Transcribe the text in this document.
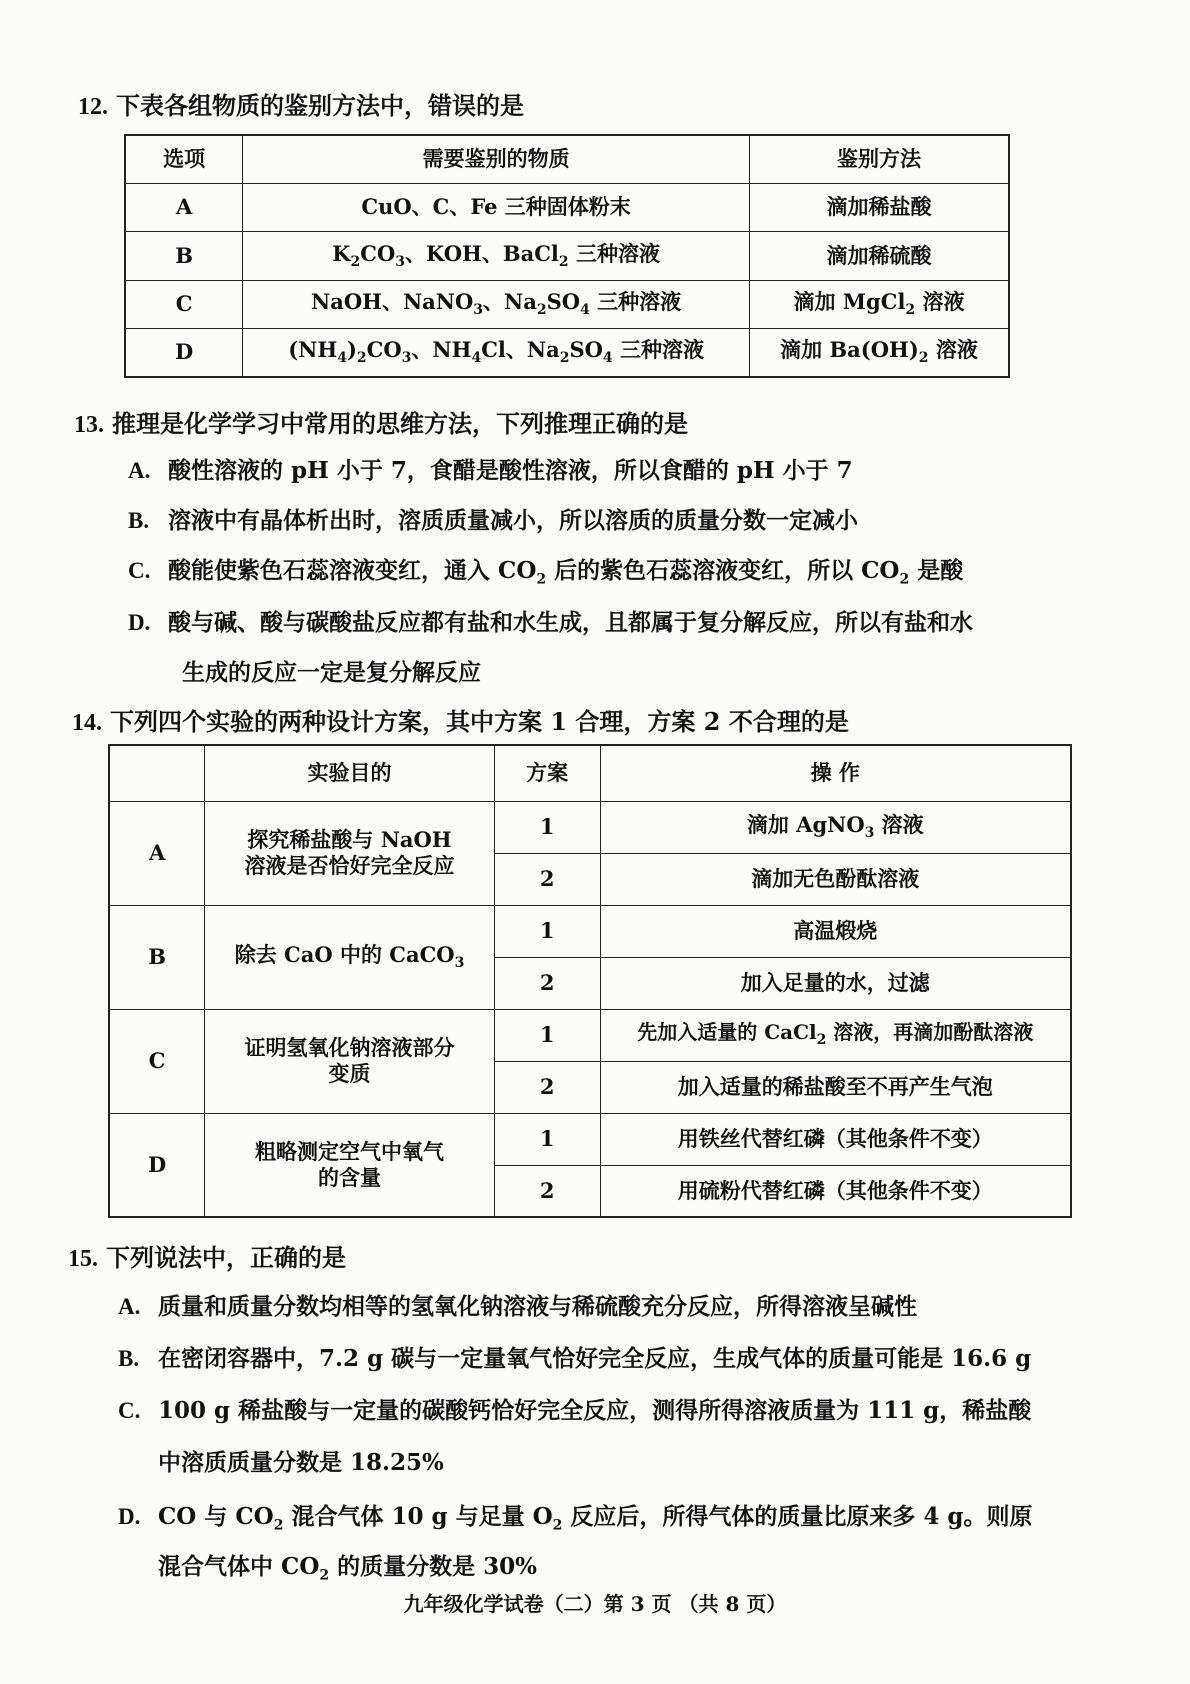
12. 下表各组物质的鉴别方法中，错误的是
选项	需要鉴别的物质	鉴别方法
A	CuO、C、Fe 三种固体粉末	滴加稀盐酸
B	$K_2CO_3$、KOH、BaCl$_2$ 三种溶液	滴加稀硫酸
C	NaOH、NaNO$_3$、$Na_2SO_4$ 三种溶液	滴加 MgCl$_2$ 溶液
D	$(NH_4)_2CO_3$、$NH_4Cl$、$Na_2SO_4$ 三种溶液	滴加 $Ba(OH)_2$ 溶液
13. 推理是化学学习中常用的思维方法，下列推理正确的是
A. 酸性溶液的 pH 小于 7，食醋是酸性溶液，所以食醋的 pH 小于 7
B. 溶液中有晶体析出时，溶质质量减小，所以溶质的质量分数一定减小
C. 酸能使紫色石蕊溶液变红，通入 $CO_2$ 后的紫色石蕊溶液变红，所以 $CO_2$ 是酸
D. 酸与碱、酸与碳酸盐反应都有盐和水生成，且都属于复分解反应，所以有盐和水
生成的反应一定是复分解反应
14. 下列四个实验的两种设计方案，其中方案 1 合理，方案 2 不合理的是
	实验目的	方案	操 作
A	探究稀盐酸与 NaOH
溶液是否恰好完全反应	1	滴加 AgNO$_3$ 溶液
		2	滴加无色酚酞溶液
B	除去 CaO 中的 CaCO$_3$	1	高温煅烧
		2	加入足量的水，过滤
C	证明氢氧化钠溶液部分
变质	1	先加入适量的 CaCl$_2$ 溶液，再滴加酚酞溶液
		2	加入适量的稀盐酸至不再产生气泡
D	粗略测定空气中氧气
的含量	1	用铁丝代替红磷（其他条件不变）
		2	用硫粉代替红磷（其他条件不变）
15. 下列说法中，正确的是
A. 质量和质量分数均相等的氢氧化钠溶液与稀硫酸充分反应，所得溶液呈碱性
B. 在密闭容器中，7.2 g 碳与一定量氧气恰好完全反应，生成气体的质量可能是 16.6 g
C. 100 g 稀盐酸与一定量的碳酸钙恰好完全反应，测得所得溶液质量为 111 g，稀盐酸
中溶质质量分数是 18.25%
D. CO 与 $CO_2$ 混合气体 10 g 与足量 $O_2$ 反应后，所得气体的质量比原来多 4 g。则原
混合气体中 $CO_2$ 的质量分数是 30%
九年级化学试卷（二）第 3 页 （共 8 页）
